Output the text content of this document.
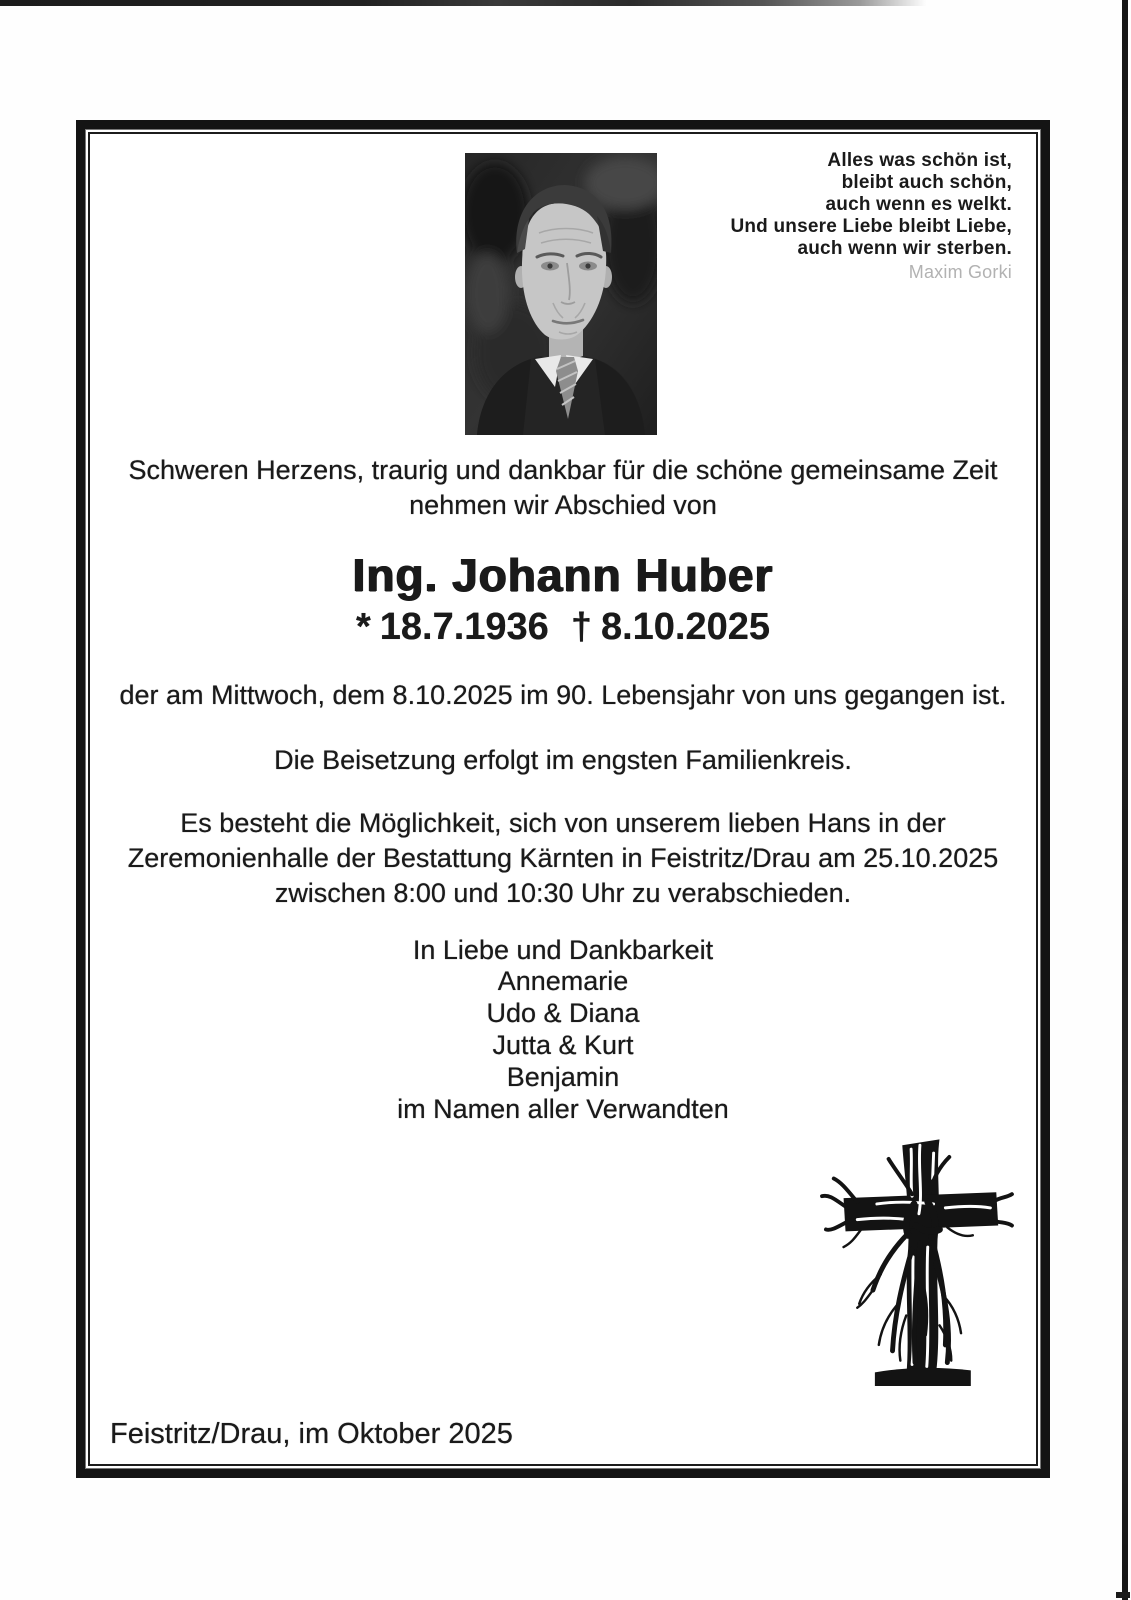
Alles was schön ist,
bleibt auch schön,
auch wenn es welkt.
Und unsere Liebe bleibt Liebe,
auch wenn wir sterben.
Maxim Gorki
Schweren Herzens, traurig und dankbar für die schöne gemeinsame Zeit
nehmen wir Abschied von
Ing. Johann Huber
* 18.7.1936 † 8.10.2025
der am Mittwoch, dem 8.10.2025 im 90. Lebensjahr von uns gegangen ist.
Die Beisetzung erfolgt im engsten Familienkreis.
Es besteht die Möglichkeit, sich von unserem lieben Hans in der
Zeremonienhalle der Bestattung Kärnten in Feistritz/Drau am 25.10.2025
zwischen 8:00 und 10:30 Uhr zu verabschieden.
In Liebe und Dankbarkeit
Annemarie
Udo & Diana
Jutta & Kurt
Benjamin
im Namen aller Verwandten
Feistritz/Drau, im Oktober 2025
